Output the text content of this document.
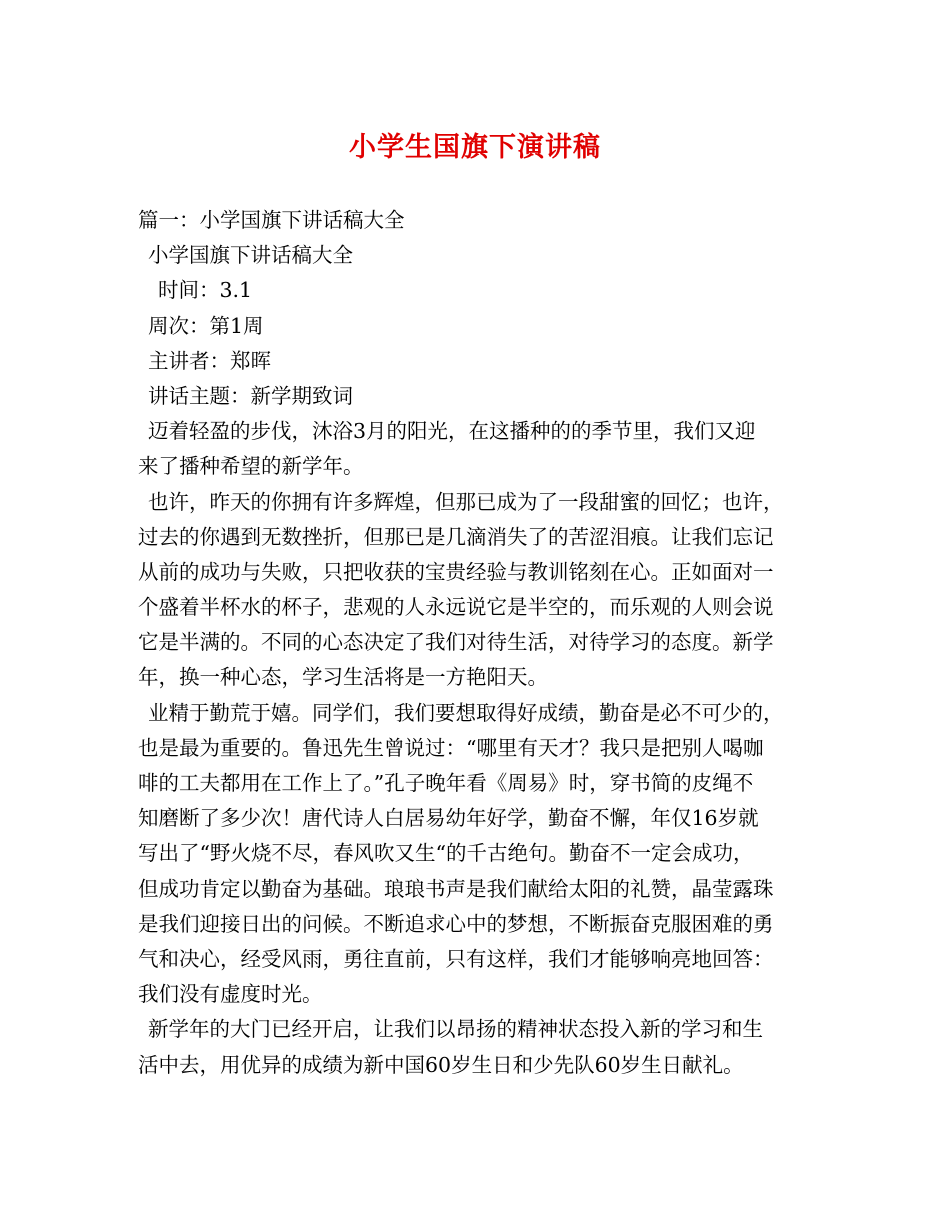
小学生国旗下演讲稿

篇一：小学国旗下讲话稿大全

小学国旗下讲话稿大全

时间：3.1

周次：第1周

主讲者：郑晖

讲话主题：新学期致词

迈着轻盈的步伐，沐浴3月的阳光，在这播种的的季节里，我们又迎

来了播种希望的新学年。

也许，昨天的你拥有许多辉煌，但那已成为了一段甜蜜的回忆；也许，

过去的你遇到无数挫折，但那已是几滴消失了的苦涩泪痕。让我们忘记

从前的成功与失败，只把收获的宝贵经验与教训铭刻在心。正如面对一

个盛着半杯水的杯子，悲观的人永远说它是半空的，而乐观的人则会说

它是半满的。不同的心态决定了我们对待生活，对待学习的态度。新学

年，换一种心态，学习生活将是一方艳阳天。

业精于勤荒于嬉。同学们，我们要想取得好成绩，勤奋是必不可少的，

也是最为重要的。鲁迅先生曾说过：“哪里有天才？我只是把别人喝咖

啡的工夫都用在工作上了。”孔子晚年看《周易》时，穿书简的皮绳不

知磨断了多少次！唐代诗人白居易幼年好学，勤奋不懈，年仅16岁就

写出了“野火烧不尽，春风吹又生“的千古绝句。勤奋不一定会成功，

但成功肯定以勤奋为基础。琅琅书声是我们献给太阳的礼赞，晶莹露珠

是我们迎接日出的问候。不断追求心中的梦想，不断振奋克服困难的勇

气和决心，经受风雨，勇往直前，只有这样，我们才能够响亮地回答：

我们没有虚度时光。

新学年的大门已经开启，让我们以昂扬的精神状态投入新的学习和生

活中去，用优异的成绩为新中国60岁生日和少先队60岁生日献礼。
